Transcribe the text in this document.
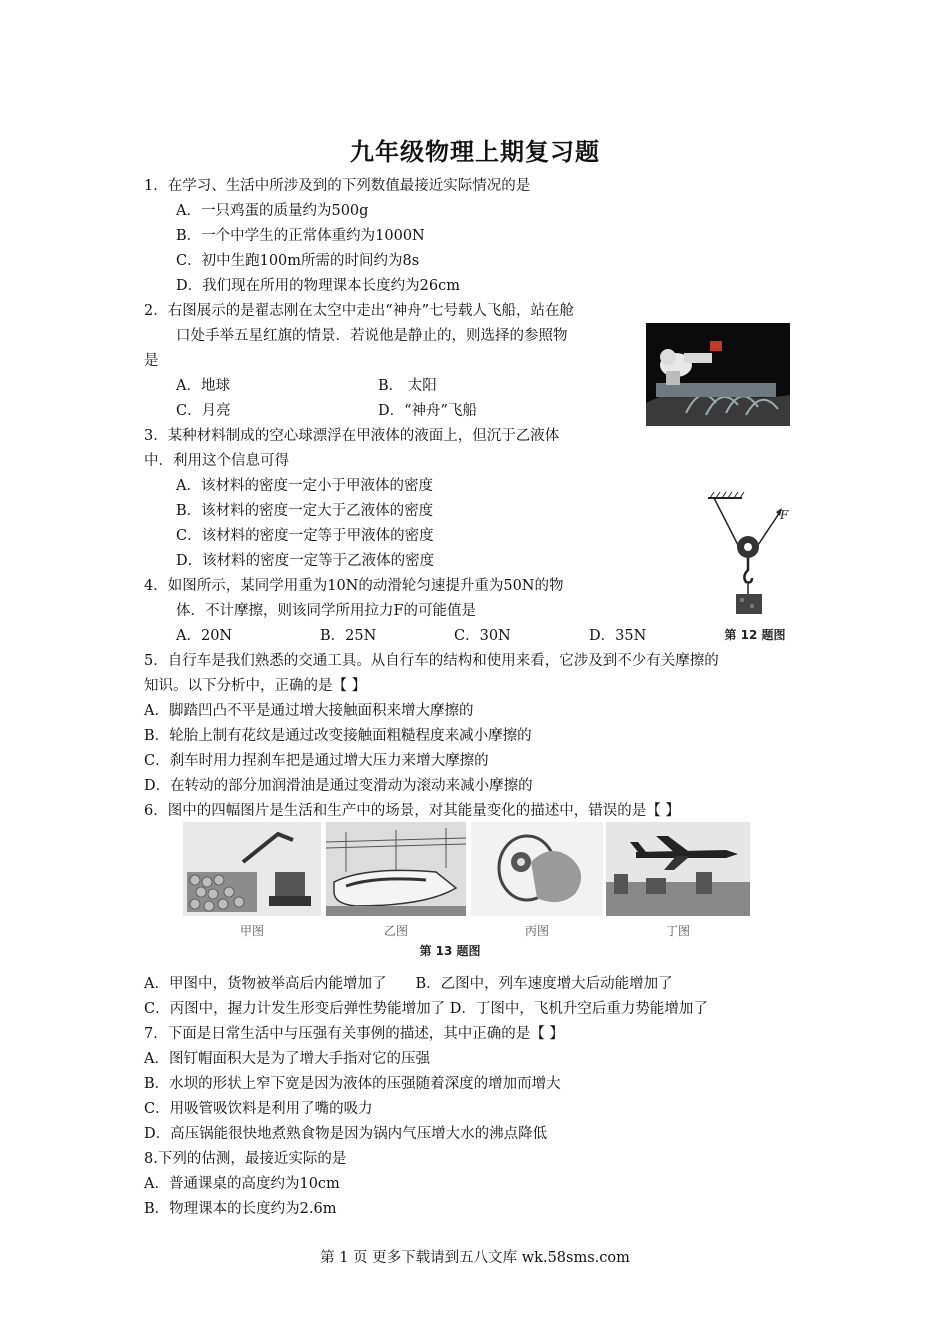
九年级物理上期复习题
1．在学习、生活中所涉及到的下列数值最接近实际情况的是
A．一只鸡蛋的质量约为500g
B．一个中学生的正常体重约为1000N
C．初中生跑100m所需的时间约为8s
D．我们现在所用的物理课本长度约为26cm
2．右图展示的是翟志刚在太空中走出“神舟”七号载人飞船，站在舱
口处手举五星红旗的情景．若说他是静止的，则选择的参照物
是
A．地球	B． 太阳
C．月亮	D．“神舟”飞船
3．某种材料制成的空心球漂浮在甲液体的液面上，但沉于乙液体
中．利用这个信息可得
A．该材料的密度一定小于甲液体的密度
B．该材料的密度一定大于乙液体的密度
C．该材料的密度一定等于甲液体的密度
D．该材料的密度一定等于乙液体的密度
F
第 12 题图
4．如图所示，某同学用重为10N的动滑轮匀速提升重为50N的物
体．不计摩擦，则该同学所用拉力F的可能值是
A．20N	B．25N	C．30N	D．35N
5．自行车是我们熟悉的交通工具。从自行车的结构和使用来看，它涉及到不少有关摩擦的
知识。以下分析中，正确的是【 】
A．脚踏凹凸不平是通过增大接触面积来增大摩擦的
B．轮胎上制有花纹是通过改变接触面粗糙程度来减小摩擦的
C．刹车时用力捏刹车把是通过增大压力来增大摩擦的
D．在转动的部分加润滑油是通过变滑动为滚动来减小摩擦的
6．图中的四幅图片是生活和生产中的场景，对其能量变化的描述中，错误的是【 】
甲图	乙图	丙图	丁图
第 13 题图
A．甲图中，货物被举高后内能增加了　　B．乙图中，列车速度增大后动能增加了
C．丙图中，握力计发生形变后弹性势能增加了 D．丁图中，飞机升空后重力势能增加了
7．下面是日常生活中与压强有关事例的描述，其中正确的是【 】
A．图钉帽面积大是为了增大手指对它的压强
B．水坝的形状上窄下宽是因为液体的压强随着深度的增加而增大
C．用吸管吸饮料是利用了嘴的吸力
D．高压锅能很快地煮熟食物是因为锅内气压增大水的沸点降低
8.下列的估测，最接近实际的是
A．普通课桌的高度约为10cm
B．物理课本的长度约为2.6m
第 1 页 更多下载请到五八文库 wk.58sms.com
